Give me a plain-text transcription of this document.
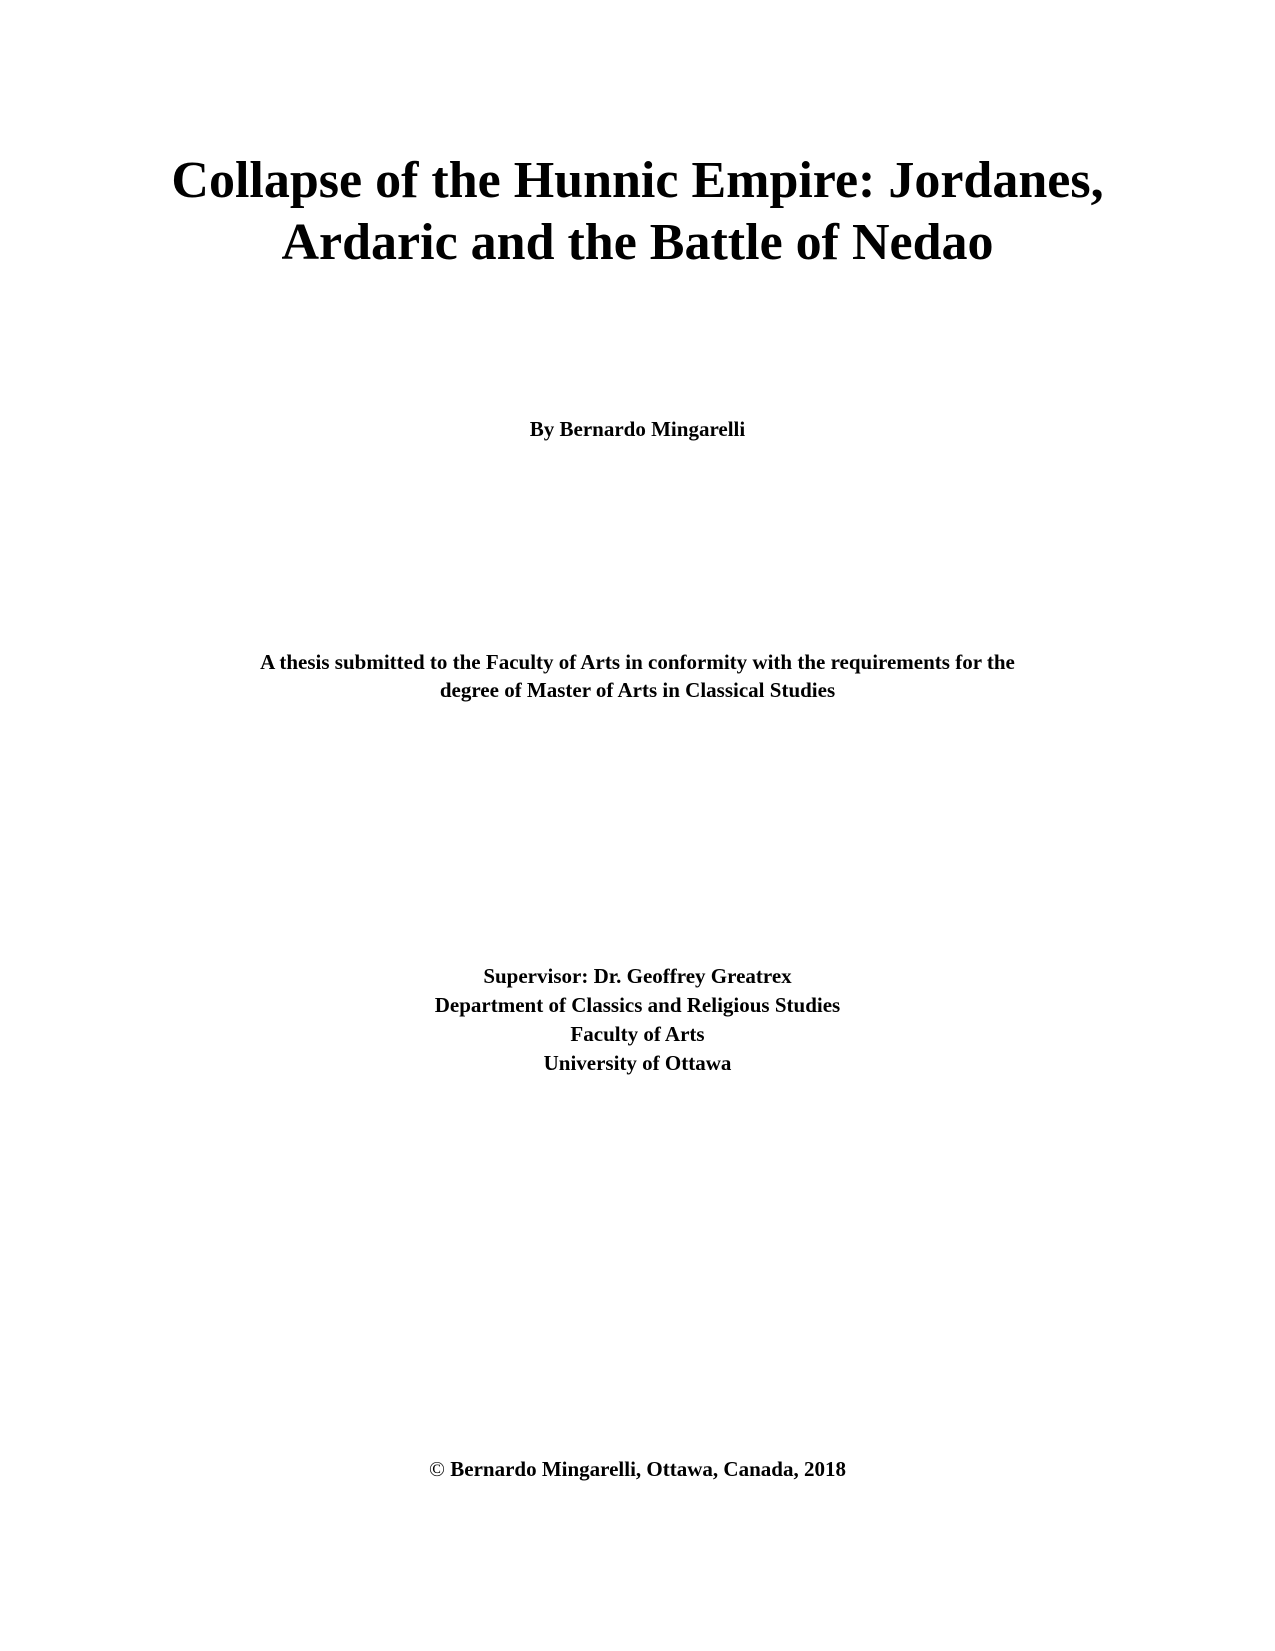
Collapse of the Hunnic Empire: Jordanes,
Ardaric and the Battle of Nedao
By Bernardo Mingarelli
A thesis submitted to the Faculty of Arts in conformity with the requirements for the
degree of Master of Arts in Classical Studies
Supervisor: Dr. Geoffrey Greatrex
Department of Classics and Religious Studies
Faculty of Arts
University of Ottawa
© Bernardo Mingarelli, Ottawa, Canada, 2018
